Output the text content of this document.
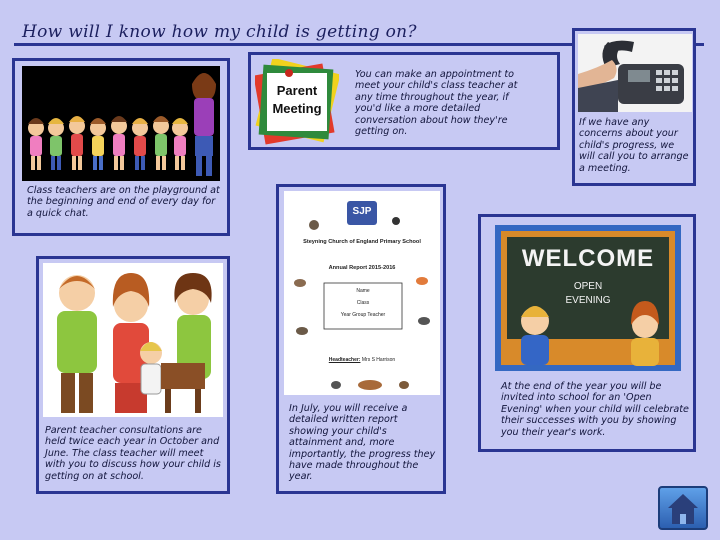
How will I know how my child is getting on?
Class teachers are on the playground at the beginning and end of every day for a quick chat.
Parent
Meeting
You can make an appointment to meet your child's class teacher at any time throughout the year, if you'd like a more detailed conversation about how they're getting on.
If we have any concerns about your child's progress, we will call you to arrange a meeting.
Parent teacher consultations are held twice each year in October and June. The class teacher will meet with you to discuss how your child is getting on at school.
SJP
Steyning Church of England Primary School
Annual Report 2015-2016
Name
Class
Year Group Teacher
Headteacher: Mrs S Harrison
In July, you will receive a detailed written report showing your child's attainment and, more importantly, the progress they have made throughout the year.
WELCOME
OPEN
EVENING
At the end of the year you will be invited into school for an 'Open Evening' when your child will celebrate their successes with you by showing you their year's work.
